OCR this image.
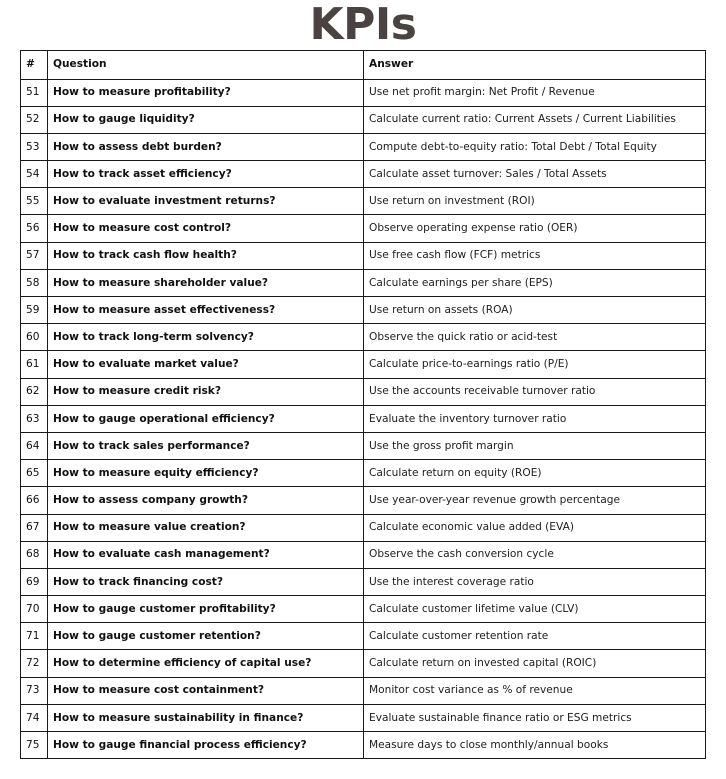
KPIs
#	Question	Answer
51	How to measure profitability?	Use net profit margin: Net Profit / Revenue
52	How to gauge liquidity?	Calculate current ratio: Current Assets / Current Liabilities
53	How to assess debt burden?	Compute debt-to-equity ratio: Total Debt / Total Equity
54	How to track asset efficiency?	Calculate asset turnover: Sales / Total Assets
55	How to evaluate investment returns?	Use return on investment (ROI)
56	How to measure cost control?	Observe operating expense ratio (OER)
57	How to track cash flow health?	Use free cash flow (FCF) metrics
58	How to measure shareholder value?	Calculate earnings per share (EPS)
59	How to measure asset effectiveness?	Use return on assets (ROA)
60	How to track long-term solvency?	Observe the quick ratio or acid-test
61	How to evaluate market value?	Calculate price-to-earnings ratio (P/E)
62	How to measure credit risk?	Use the accounts receivable turnover ratio
63	How to gauge operational efficiency?	Evaluate the inventory turnover ratio
64	How to track sales performance?	Use the gross profit margin
65	How to measure equity efficiency?	Calculate return on equity (ROE)
66	How to assess company growth?	Use year-over-year revenue growth percentage
67	How to measure value creation?	Calculate economic value added (EVA)
68	How to evaluate cash management?	Observe the cash conversion cycle
69	How to track financing cost?	Use the interest coverage ratio
70	How to gauge customer profitability?	Calculate customer lifetime value (CLV)
71	How to gauge customer retention?	Calculate customer retention rate
72	How to determine efficiency of capital use?	Calculate return on invested capital (ROIC)
73	How to measure cost containment?	Monitor cost variance as % of revenue
74	How to measure sustainability in finance?	Evaluate sustainable finance ratio or ESG metrics
75	How to gauge financial process efficiency?	Measure days to close monthly/annual books
